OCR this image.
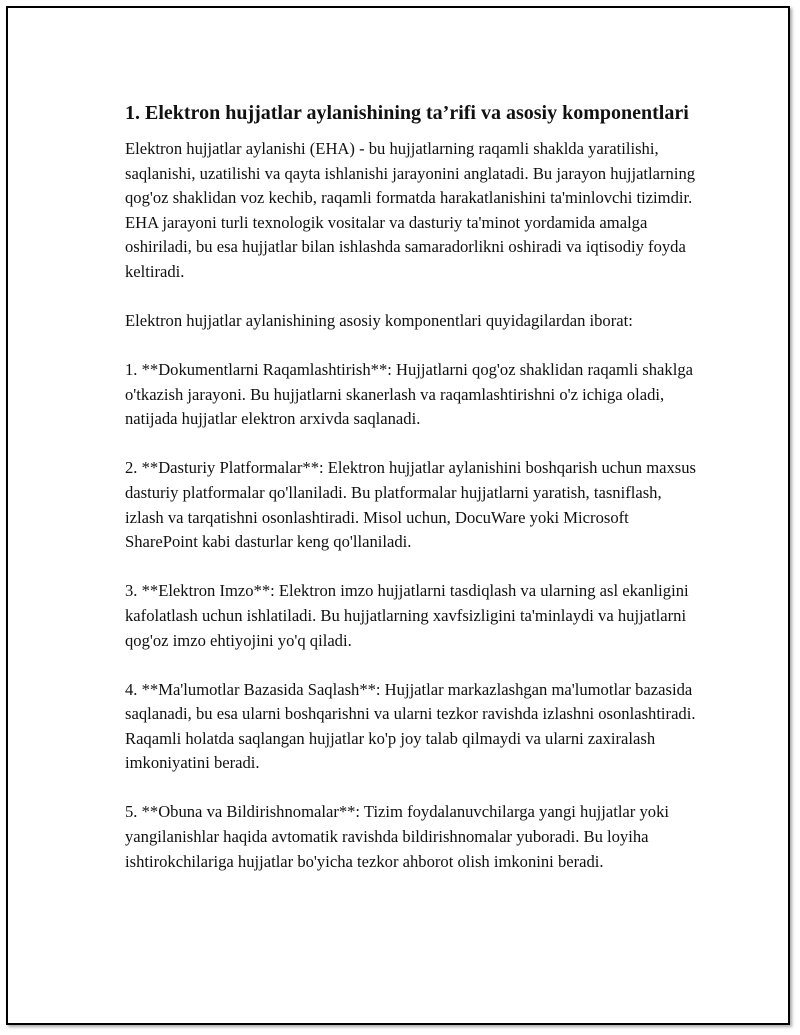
1. Elektron hujjatlar aylanishining ta’rifi va asosiy komponentlari

Elektron hujjatlar aylanishi (EHA) - bu hujjatlarning raqamli shaklda yaratilishi, saqlanishi, uzatilishi va qayta ishlanishi jarayonini anglatadi. Bu jarayon hujjatlarning qog'oz shaklidan voz kechib, raqamli formatda harakatlanishini ta'minlovchi tizimdir. EHA jarayoni turli texnologik vositalar va dasturiy ta'minot yordamida amalga oshiriladi, bu esa hujjatlar bilan ishlashda samaradorlikni oshiradi va iqtisodiy foyda keltiradi.

Elektron hujjatlar aylanishining asosiy komponentlari quyidagilardan iborat:

1. **Dokumentlarni Raqamlashtirish**: Hujjatlarni qog'oz shaklidan raqamli shaklga o'tkazish jarayoni. Bu hujjatlarni skanerlash va raqamlashtirishni o'z ichiga oladi, natijada hujjatlar elektron arxivda saqlanadi.

2. **Dasturiy Platformalar**: Elektron hujjatlar aylanishini boshqarish uchun maxsus dasturiy platformalar qo'llaniladi. Bu platformalar hujjatlarni yaratish, tasniflash, izlash va tarqatishni osonlashtiradi. Misol uchun, DocuWare yoki Microsoft SharePoint kabi dasturlar keng qo'llaniladi.

3. **Elektron Imzo**: Elektron imzo hujjatlarni tasdiqlash va ularning asl ekanligini kafolatlash uchun ishlatiladi. Bu hujjatlarning xavfsizligini ta'minlaydi va hujjatlarni qog'oz imzo ehtiyojini yo'q qiladi.

4. **Ma'lumotlar Bazasida Saqlash**: Hujjatlar markazlashgan ma'lumotlar bazasida saqlanadi, bu esa ularni boshqarishni va ularni tezkor ravishda izlashni osonlashtiradi. Raqamli holatda saqlangan hujjatlar ko'p joy talab qilmaydi va ularni zaxiralash imkoniyatini beradi.

5. **Obuna va Bildirishnomalar**: Tizim foydalanuvchilarga yangi hujjatlar yoki yangilanishlar haqida avtomatik ravishda bildirishnomalar yuboradi. Bu loyiha ishtirokchilariga hujjatlar bo'yicha tezkor ahborot olish imkonini beradi.
